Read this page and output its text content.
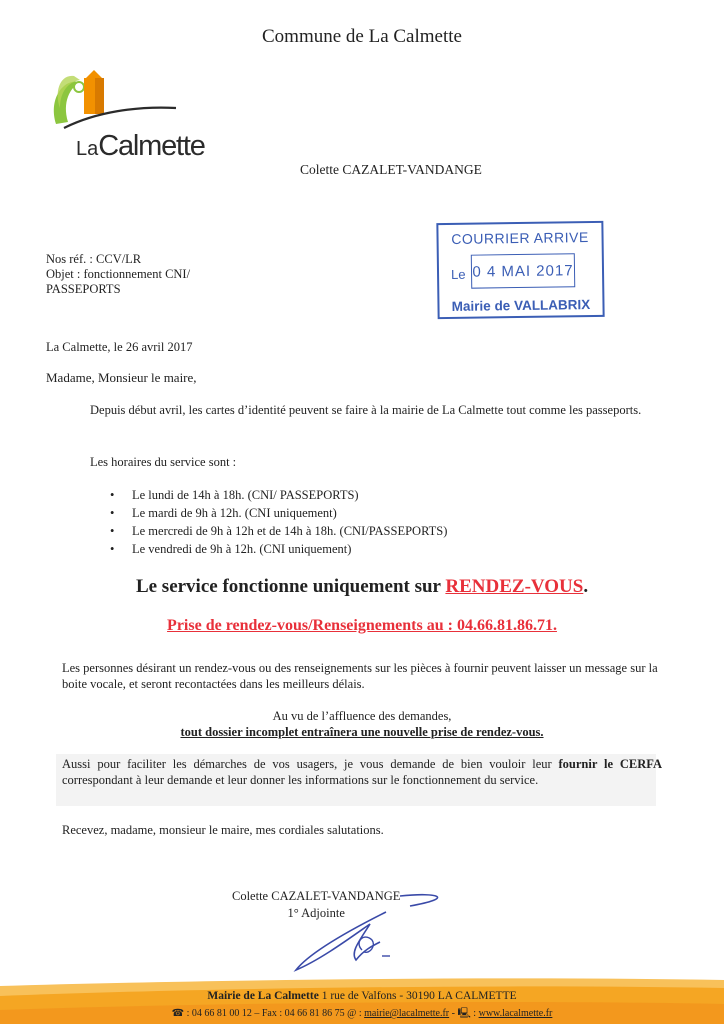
Commune de La Calmette
LaCalmette
Colette CAZALET-VANDANGE
Nos réf. : CCV/LR
Objet : fonctionnement CNI/
PASSEPORTS
COURRIER ARRIVE
Le 0 4 MAI 2017
Mairie de VALLABRIX
La Calmette, le 26 avril 2017
Madame, Monsieur le maire,
Depuis début avril, les cartes d’identité peuvent se faire à la mairie de La Calmette tout comme les passeports.
Les horaires du service sont :
• Le lundi de 14h à 18h. (CNI/ PASSEPORTS)
• Le mardi de 9h à 12h. (CNI uniquement)
• Le mercredi de 9h à 12h et de 14h à 18h. (CNI/PASSEPORTS)
• Le vendredi de 9h à 12h. (CNI uniquement)
Le service fonctionne uniquement sur RENDEZ-VOUS.
Prise de rendez-vous/Renseignements au : 04.66.81.86.71.
Les personnes désirant un rendez-vous ou des renseignements sur les pièces à fournir peuvent laisser un message sur la boite vocale, et seront recontactées dans les meilleurs délais.
Au vu de l’affluence des demandes,
tout dossier incomplet entraînera une nouvelle prise de rendez-vous.
Aussi pour faciliter les démarches de vos usagers, je vous demande de bien vouloir leur fournir le CERFA correspondant à leur demande et leur donner les informations sur le fonctionnement du service.
Recevez, madame, monsieur le maire, mes cordiales salutations.
Colette CAZALET-VANDANGE
1° Adjointe
Mairie de La Calmette 1 rue de Valfons - 30190 LA CALMETTE
☎ : 04 66 81 00 12 – Fax : 04 66 81 86 75 @ : mairie@lacalmette.fr - 🖳 : www.lacalmette.fr
